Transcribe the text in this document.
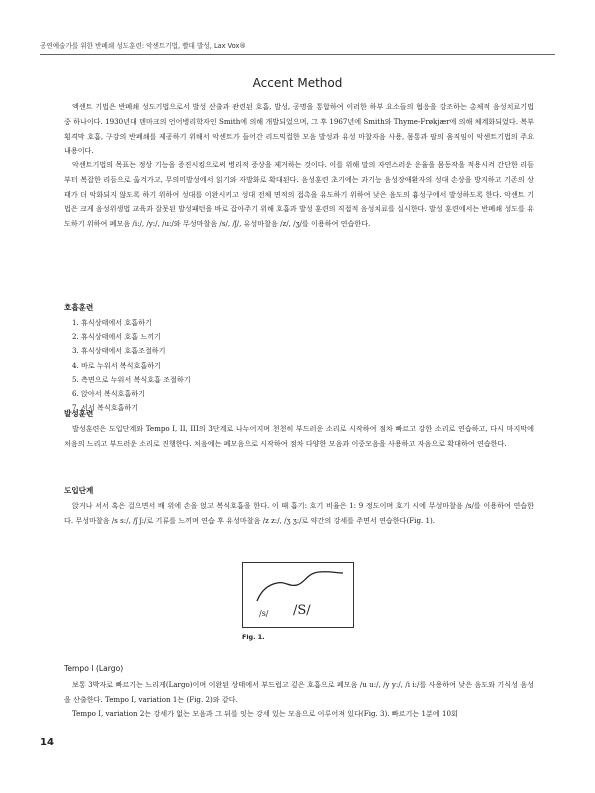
공연예술가를 위한 반폐쇄 성도훈련: 악센트기법, 빨대 발성, Lax Vox®
Accent Method

액센트 기법은 반폐쇄 성도기법으로서 발성 산출과 관련된 호흡, 발성, 공명을 통합하여 이러한 하부 요소들의 협응을 강조하는 총체적 음성치료기법 중 하나이다. 1930년대 덴마크의 언어병리학자인 Smith에 의해 개발되었으며, 그 후 1967년에 Smith와 Thyme-Frøkjær에 의해 체계화되었다. 복부횡격막 호흡, 구강의 반폐쇄를 제공하기 위해서 악센트가 들어간 리드믹컬한 모음 발성과 유성 마찰자음 사용, 몸통과 팔의 움직임이 악센트기법의 주요 내용이다.

악센트기법의 목표는 정상 기능을 증진시킴으로써 병리적 증상을 제거하는 것이다. 이를 위해 말의 자연스러운 운율을 몸동작을 적용시켜 간단한 리듬부터 복잡한 리듬으로 옮겨가고, 무의미발성에서 읽기와 자발화로 확대된다. 음성훈련 초기에는 과기능 음성장애환자의 성대 손상을 방지하고 기존의 상태가 더 악화되지 않도록 하기 위하여 성대를 이완시키고 성대 전체 면적의 접촉을 유도하기 위하여 낮은 음도의 흉성구에서 발성하도록 한다. 악센트 기법은 크게 음성위생법 교육과 잘못된 발성패턴을 바로 잡아주기 위해 호흡과 발성 훈련의 직접적 음성치료를 실시한다. 발성 훈련에서는 반폐쇄 성도를 유도하기 위하여 폐모음 /i:/, /y:/, /u:/와 무성마찰음 /s/, /ʃ/, 유성마찰음 /z/, /ʒ/를 이용하여 연습한다.

호흡훈련
1. 휴식상태에서 호흡하기
2. 휴식상태에서 호흡 느끼기
3. 휴식상태에서 호흡조절하기
4. 바로 누워서 복식호흡하기
5. 측면으로 누워서 복식호흡 조절하기
6. 앉아서 복식호흡하기
7. 서서 복식호흡하기
발성훈련

발성훈련은 도입단계와 Tempo I, II, III의 3단계로 나누어지며 천천히 부드러운 소리로 시작하여 점차 빠르고 강한 소리로 연습하고, 다시 마지막에 처음의 느리고 부드러운 소리로 진행한다. 처음에는 폐모음으로 시작하여 점차 다양한 모음과 이중모음을 사용하고 자음으로 확대하여 연습한다.

도입단계

앉거나 서서 혹은 걸으면서 배 위에 손을 얹고 복식호흡을 한다. 이 때 흡기: 호기 비율은 1: 9 정도이며 호기 시에 무성마찰음 /s/를 이용하여 연습한다. 무성마찰음 /s s:/, /ʃ ʃ:/로 기류를 느끼며 연습 후 유성마찰음 /z z:/, /ʒ ʒ:/로 약간의 강세를 주면서 연습한다(Fig. 1).

/s/ /S/
Fig. 1.
Tempo I (Largo)

보통 3박자로 빠르기는 느리게(Largo)이며 이완된 상태에서 부드럽고 깊은 호흡으로 폐모음 /u u:/, /y y:/, /i i:/를 사용하여 낮은 음도와 기식성 음성을 산출한다. Tempo I, variation 1는 (Fig. 2)와 같다.

Tempo I, variation 2는 강세가 없는 모음과 그 뒤를 잇는 강세 있는 모음으로 이루어져 있다(Fig. 3). 빠르기는 1분에 10회

14
